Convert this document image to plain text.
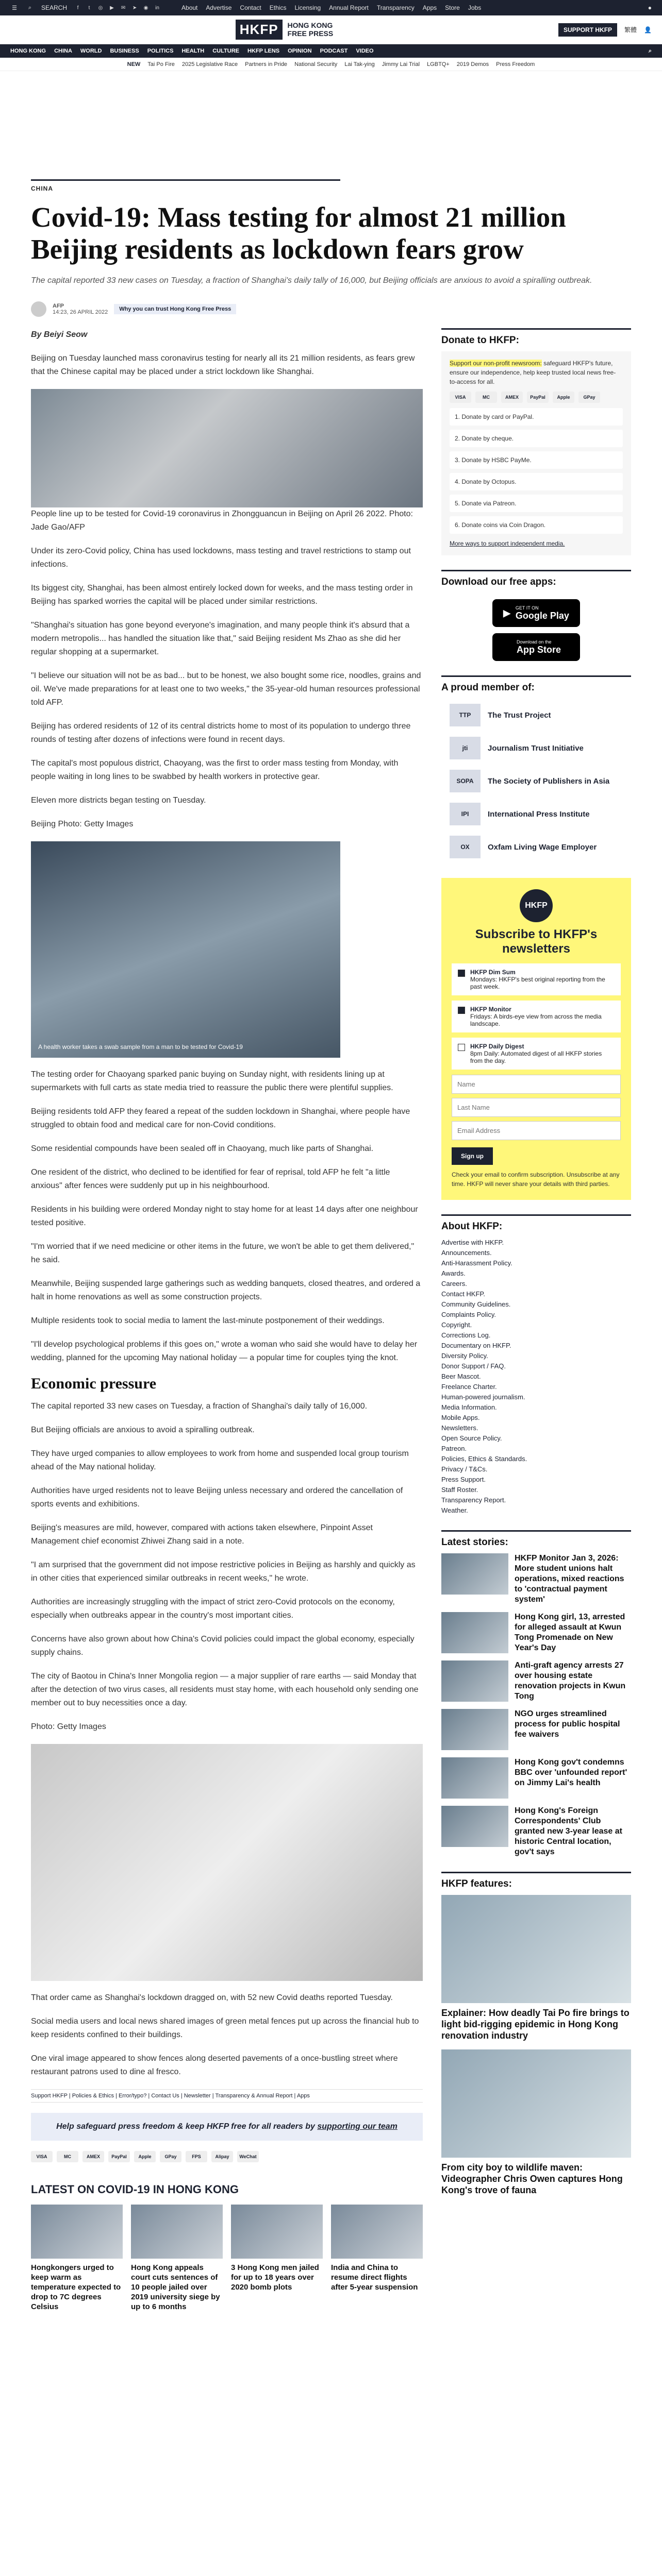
☰	⌕	SEARCH	f	t	◎	▶	✉ ➤ ◉	in	About Advertise Contact Ethics Licensing Annual Report Transparency Apps Store Jobs	●
HKFP	HONG KONG
FREE PRESS	SUPPORT HKFP	繁體 👤
HONG KONG CHINA WORLD BUSINESS POLITICS HEALTH CULTURE HKFP LENS OPINION PODCAST VIDEO	⌕
NEW Tai Po Fire 2025 Legislative Race Partners in Pride National Security Lai Tak-ying Jimmy Lai Trial LGBTQ+ 2019 Demos Press Freedom
CHINA
Covid-19: Mass testing for almost 21 million Beijing residents as lockdown fears grow

The capital reported 33 new cases on Tuesday, a fraction of Shanghai's daily tally of 16,000, but Beijing officials are anxious to avoid a spiralling outbreak.

AFP
14:23, 26 APRIL 2022	Why you can trust Hong Kong Free Press

By Beiyi Seow

Beijing on Tuesday launched mass coronavirus testing for nearly all its 21 million residents, as fears grew that the Chinese capital may be placed under a strict lockdown like Shanghai.

People line up to be tested for Covid-19 coronavirus in Zhongguancun in Beijing on April 26 2022. Photo: Jade Gao/AFP

Under its zero-Covid policy, China has used lockdowns, mass testing and travel restrictions to stamp out infections.

Its biggest city, Shanghai, has been almost entirely locked down for weeks, and the mass testing order in Beijing has sparked worries the capital will be placed under similar restrictions.

"Shanghai's situation has gone beyond everyone's imagination, and many people think it's absurd that a modern metropolis... has handled the situation like that," said Beijing resident Ms Zhao as she did her regular shopping at a supermarket.

"I believe our situation will not be as bad... but to be honest, we also bought some rice, noodles, grains and oil. We've made preparations for at least one to two weeks," the 35-year-old human resources professional told AFP.

Beijing has ordered residents of 12 of its central districts home to most of its population to undergo three rounds of testing after dozens of infections were found in recent days.

The capital's most populous district, Chaoyang, was the first to order mass testing from Monday, with people waiting in long lines to be swabbed by health workers in protective gear.

Eleven more districts began testing on Tuesday.

Beijing Photo: Getty Images

A health worker takes a swab sample from a man to be tested for Covid-19

The testing order for Chaoyang sparked panic buying on Sunday night, with residents lining up at supermarkets with full carts as state media tried to reassure the public there were plentiful supplies.

Beijing residents told AFP they feared a repeat of the sudden lockdown in Shanghai, where people have struggled to obtain food and medical care for non-Covid conditions.

Some residential compounds have been sealed off in Chaoyang, much like parts of Shanghai.

One resident of the district, who declined to be identified for fear of reprisal, told AFP he felt "a little anxious" after fences were suddenly put up in his neighbourhood.

Residents in his building were ordered Monday night to stay home for at least 14 days after one neighbour tested positive.

"I'm worried that if we need medicine or other items in the future, we won't be able to get them delivered," he said.

Meanwhile, Beijing suspended large gatherings such as wedding banquets, closed theatres, and ordered a halt in home renovations as well as some construction projects.

Multiple residents took to social media to lament the last-minute postponement of their weddings.

"I'll develop psychological problems if this goes on," wrote a woman who said she would have to delay her wedding, planned for the upcoming May national holiday — a popular time for couples tying the knot.

Economic pressure

The capital reported 33 new cases on Tuesday, a fraction of Shanghai's daily tally of 16,000.

But Beijing officials are anxious to avoid a spiralling outbreak.

They have urged companies to allow employees to work from home and suspended local group tourism ahead of the May national holiday.

Authorities have urged residents not to leave Beijing unless necessary and ordered the cancellation of sports events and exhibitions.

Beijing's measures are mild, however, compared with actions taken elsewhere, Pinpoint Asset Management chief economist Zhiwei Zhang said in a note.

"I am surprised that the government did not impose restrictive policies in Beijing as harshly and quickly as in other cities that experienced similar outbreaks in recent weeks," he wrote.

Authorities are increasingly struggling with the impact of strict zero-Covid protocols on the economy, especially when outbreaks appear in the country's most important cities.

Concerns have also grown about how China's Covid policies could impact the global economy, especially supply chains.

The city of Baotou in China's Inner Mongolia region — a major supplier of rare earths — said Monday that after the detection of two virus cases, all residents must stay home, with each household only sending one member out to buy necessities once a day.

Photo: Getty Images

That order came as Shanghai's lockdown dragged on, with 52 new Covid deaths reported Tuesday.

Social media users and local news shared images of green metal fences put up across the financial hub to keep residents confined to their buildings.

One viral image appeared to show fences along deserted pavements of a once-bustling street where restaurant patrons used to dine al fresco.

Support HKFP | Policies & Ethics | Error/typo? | Contact Us | Newsletter | Transparency & Annual Report | Apps
Help safeguard press freedom & keep HKFP free for all readers by supporting our team
VISA	MC	AMEX	PayPal	Apple	GPay	FPS	Alipay	WeChat
LATEST ON COVID-19 IN HONG KONG
Hongkongers urged to keep warm as temperature expected to drop to 7C degrees Celsius
Hong Kong appeals court cuts sentences of 10 people jailed over 2019 university siege by up to 6 months
3 Hong Kong men jailed for up to 18 years over 2020 bomb plots
India and China to resume direct flights after 5-year suspension
Donate to HKFP:
Support our non-profit newsroom: safeguard HKFP's future, ensure our independence, help keep trusted local news free-to-access for all.
VISA	MC	AMEX	PayPal	Apple	GPay
1. Donate by card or PayPal.
2. Donate by cheque.
3. Donate by HSBC PayMe.
4. Donate by Octopus.
5. Donate via Patreon.
6. Donate coins via Coin Dragon.
More ways to support independent media.
Download our free apps:
▶ GET IT ON
Google Play
Download on the
App Store
A proud member of:
TTP	The Trust Project
jti	Journalism Trust Initiative
SOPA	The Society of Publishers in Asia
IPI	International Press Institute
OX	Oxfam Living Wage Employer
HKFP
Subscribe to HKFP's newsletters
HKFP Dim Sum
Mondays: HKFP's best original reporting from the past week.
HKFP Monitor
Fridays: A birds-eye view from across the media landscape.
HKFP Daily Digest
8pm Daily: Automated digest of all HKFP stories from the day.
Name
Last Name
Email Address Sign up

Check your email to confirm subscription. Unsubscribe at any time. HKFP will never share your details with third parties.

About HKFP:
Advertise with HKFP.
Announcements.
Anti-Harassment Policy.
Awards.
Careers.
Contact HKFP.
Community Guidelines.
Complaints Policy.
Copyright.
Corrections Log.
Documentary on HKFP.
Diversity Policy.
Donor Support / FAQ.
Beer Mascot.
Freelance Charter.
Human-powered journalism.
Media Information.
Mobile Apps.
Newsletters.
Open Source Policy.
Patreon.
Policies, Ethics & Standards.
Privacy / T&Cs.
Press Support.
Staff Roster.
Transparency Report.
Weather.
Latest stories:
HKFP Monitor Jan 3, 2026: More student unions halt operations, mixed reactions to 'contractual payment system'
Hong Kong girl, 13, arrested for alleged assault at Kwun Tong Promenade on New Year's Day
Anti-graft agency arrests 27 over housing estate renovation projects in Kwun Tong
NGO urges streamlined process for public hospital fee waivers
Hong Kong gov't condemns BBC over 'unfounded report' on Jimmy Lai's health
Hong Kong's Foreign Correspondents' Club granted new 3-year lease at historic Central location, gov't says
HKFP features:
Explainer: How deadly Tai Po fire brings to light bid-rigging epidemic in Hong Kong renovation industry
From city boy to wildlife maven: Videographer Chris Owen captures Hong Kong's trove of fauna
